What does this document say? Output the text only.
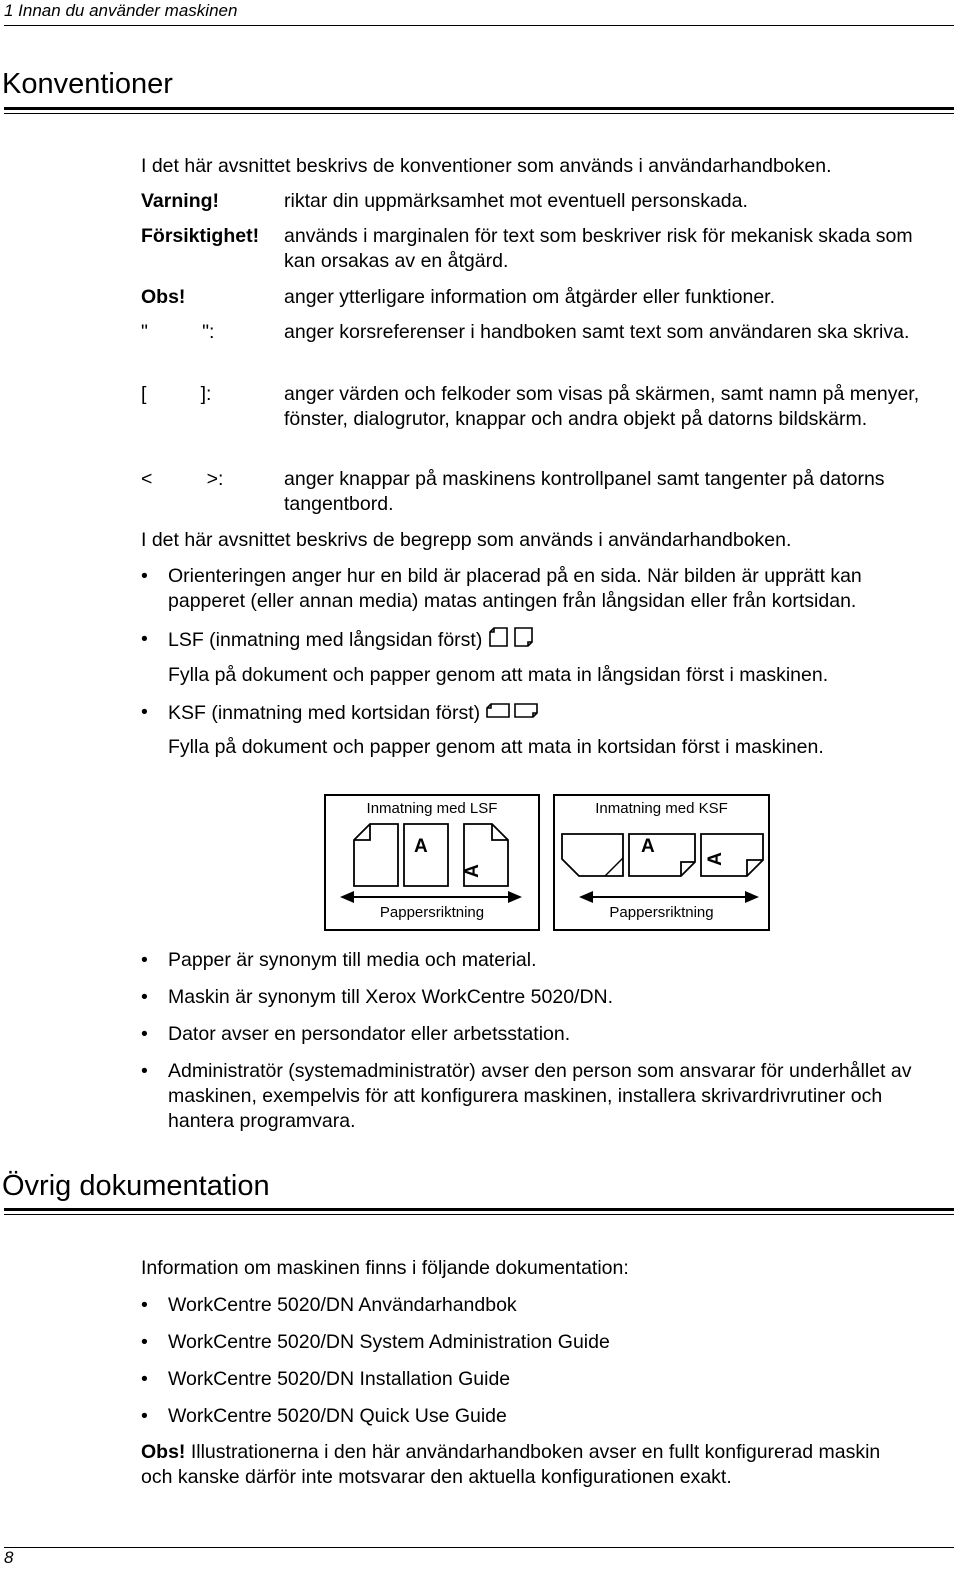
1 Innan du använder maskinen
Konventioner
I det här avsnittet beskrivs de konventioner som används i användarhandboken.
Varning!	riktar din uppmärksamhet mot eventuell personskada.
Försiktighet! används i marginalen för text som beskriver risk för mekanisk skada som kan orsakas av en åtgärd.
Obs!	anger ytterligare information om åtgärder eller funktioner.
"          ":	anger korsreferenser i handboken samt text som användaren ska skriva.
[          ]:	anger värden och felkoder som visas på skärmen, samt namn på menyer, fönster, dialogrutor, knappar och andra objekt på datorns bildskärm.
<          >:	anger knappar på maskinens kontrollpanel samt tangenter på datorns tangentbord.
I det här avsnittet beskrivs de begrepp som används i användarhandboken.
• Orienteringen anger hur en bild är placerad på en sida. När bilden är upprätt kan papperet (eller annan media) matas antingen från långsidan eller från kortsidan.
• LSF (inmatning med långsidan först)
Fylla på dokument och papper genom att mata in långsidan först i maskinen.
• KSF (inmatning med kortsidan först)
Fylla på dokument och papper genom att mata in kortsidan först i maskinen.
Inmatning med LSF
A
A
Pappersriktning
Inmatning med KSF
A
A
Pappersriktning
• Papper är synonym till media och material.
• Maskin är synonym till Xerox WorkCentre 5020/DN.
• Dator avser en persondator eller arbetsstation.
• Administratör (systemadministratör) avser den person som ansvarar för underhållet av maskinen, exempelvis för att konfigurera maskinen, installera skrivardrivrutiner och hantera programvara.
Övrig dokumentation
Information om maskinen finns i följande dokumentation:
• WorkCentre 5020/DN Användarhandbok
• WorkCentre 5020/DN System Administration Guide
• WorkCentre 5020/DN Installation Guide
• WorkCentre 5020/DN Quick Use Guide
Obs! Illustrationerna i den här användarhandboken avser en fullt konfigurerad maskin och kanske därför inte motsvarar den aktuella konfigurationen exakt.
8
